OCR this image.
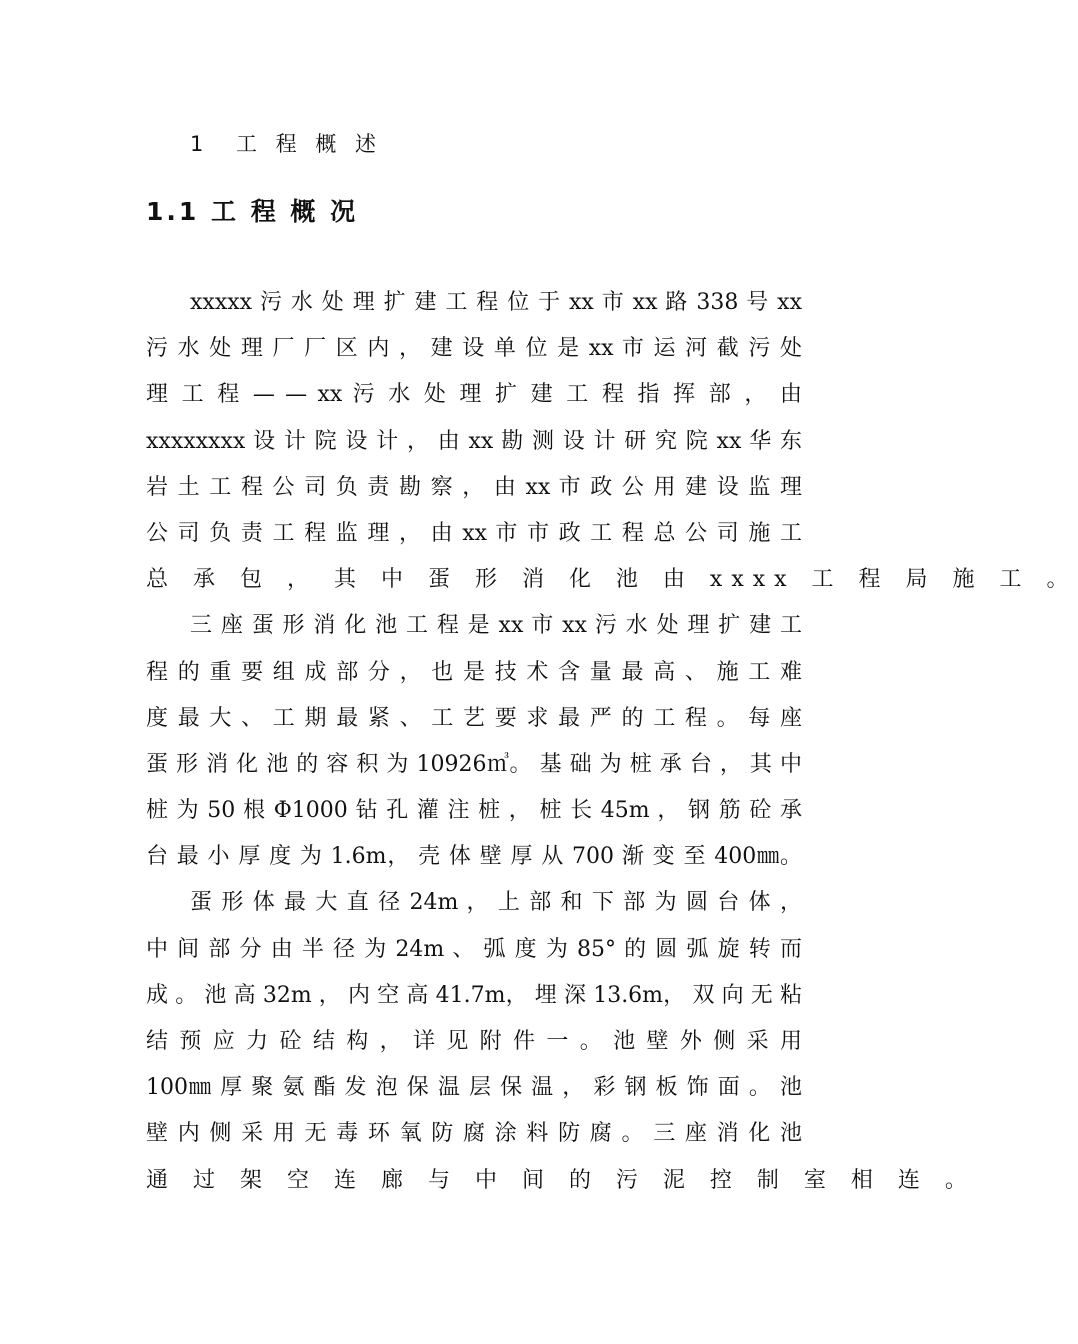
1 工 程 概 述
1.1 工 程 概 况
xxxxx 污 水 处 理 扩 建 工 程 位 于 xx 市 xx 路 338 号 xx
污 水 处 理 厂 厂 区 内 ， 建 设 单 位 是 xx 市 运 河 截 污 处
理 工 程 — — xx 污 水 处 理 扩 建 工 程 指 挥 部 ， 由
xxxxxxxx 设 计 院 设 计 ， 由 xx 勘 测 设 计 研 究 院 xx 华 东
岩 土 工 程 公 司 负 责 勘 察 ， 由 xx 市 政 公 用 建 设 监 理
公 司 负 责 工 程 监 理 ， 由 xx 市 市 政 工 程 总 公 司 施 工
总 承 包 ， 其 中 蛋 形 消 化 池 由 xxxx 工 程 局 施 工 。
三 座 蛋 形 消 化 池 工 程 是 xx 市 xx 污 水 处 理 扩 建 工
程 的 重 要 组 成 部 分 ， 也 是 技 术 含 量 最 高 、 施 工 难
度 最 大 、 工 期 最 紧 、 工 艺 要 求 最 严 的 工 程 。 每 座
蛋 形 消 化 池 的 容 积 为 10926㎥。 基 础 为 桩 承 台 ， 其 中
桩 为 50 根 Φ1000 钻 孔 灌 注 桩 ， 桩 长 45m ， 钢 筋 砼 承
台 最 小 厚 度 为 1.6m， 壳 体 壁 厚 从 700 渐 变 至 400㎜。
蛋 形 体 最 大 直 径 24m ， 上 部 和 下 部 为 圆 台 体 ，
中 间 部 分 由 半 径 为 24m 、 弧 度 为 85° 的 圆 弧 旋 转 而
成 。 池 高 32m ， 内 空 高 41.7m， 埋 深 13.6m， 双 向 无 粘
结 预 应 力 砼 结 构 ， 详 见 附 件 一 。 池 壁 外 侧 采 用
100㎜ 厚 聚 氨 酯 发 泡 保 温 层 保 温 ， 彩 钢 板 饰 面 。 池
壁 内 侧 采 用 无 毒 环 氧 防 腐 涂 料 防 腐 。 三 座 消 化 池
通 过 架 空 连 廊 与 中 间 的 污 泥 控 制 室 相 连 。
